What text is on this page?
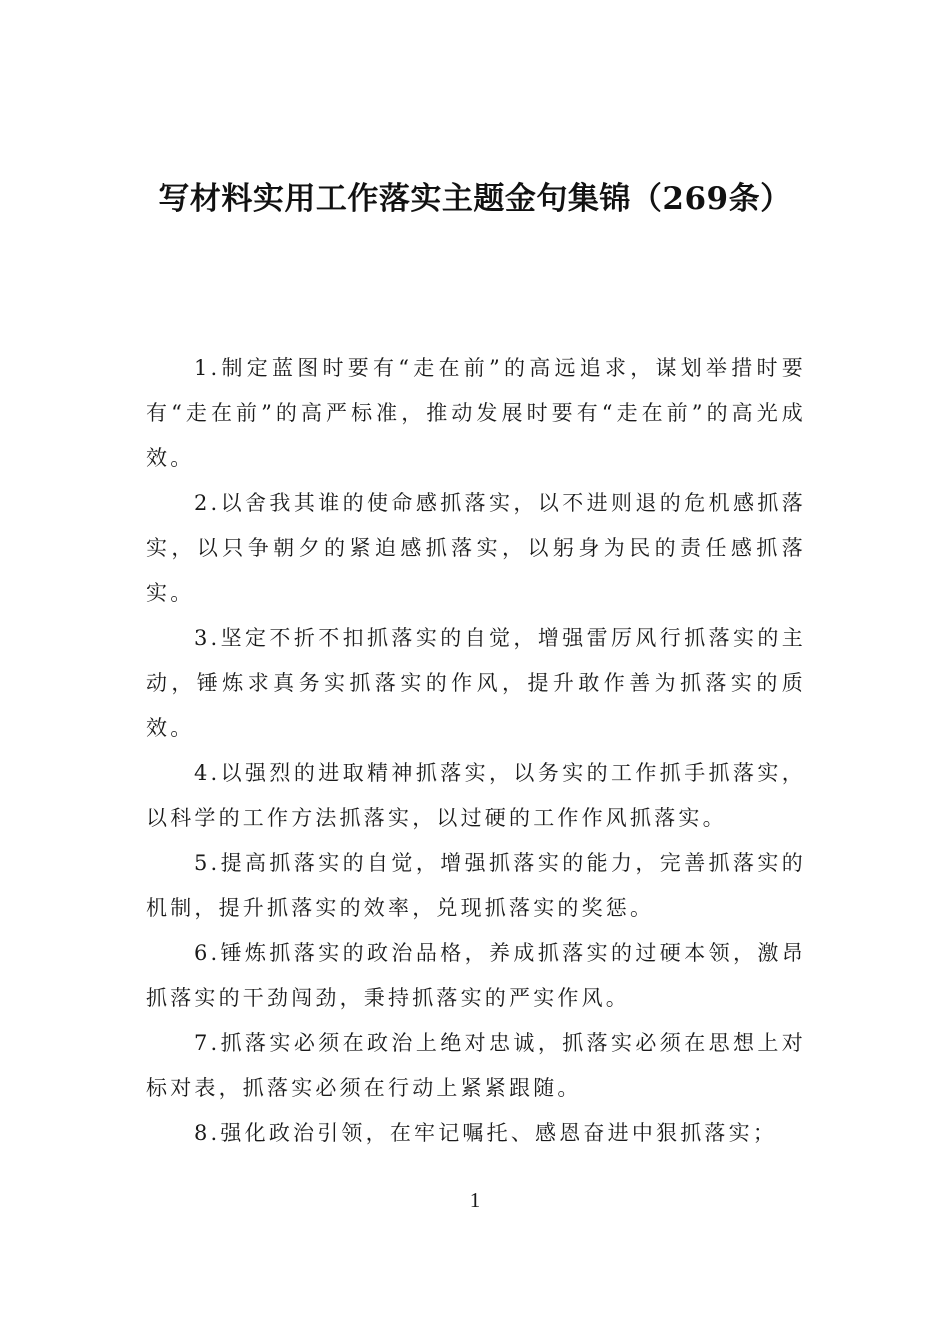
写材料实用工作落实主题金句集锦（269条）

1.制定蓝图时要有“走在前”的高远追求，谋划举措时要有“走在前”的高严标准，推动发展时要有“走在前”的高光成效。

2.以舍我其谁的使命感抓落实，以不进则退的危机感抓落实，以只争朝夕的紧迫感抓落实，以躬身为民的责任感抓落实。

3.坚定不折不扣抓落实的自觉，增强雷厉风行抓落实的主动，锤炼求真务实抓落实的作风，提升敢作善为抓落实的质效。

4.以强烈的进取精神抓落实，以务实的工作抓手抓落实，以科学的工作方法抓落实，以过硬的工作作风抓落实。

5.提高抓落实的自觉，增强抓落实的能力，完善抓落实的机制，提升抓落实的效率，兑现抓落实的奖惩。

6.锤炼抓落实的政治品格，养成抓落实的过硬本领，激昂抓落实的干劲闯劲，秉持抓落实的严实作风。

7.抓落实必须在政治上绝对忠诚，抓落实必须在思想上对标对表，抓落实必须在行动上紧紧跟随。

8.强化政治引领，在牢记嘱托、感恩奋进中狠抓落实；

1
